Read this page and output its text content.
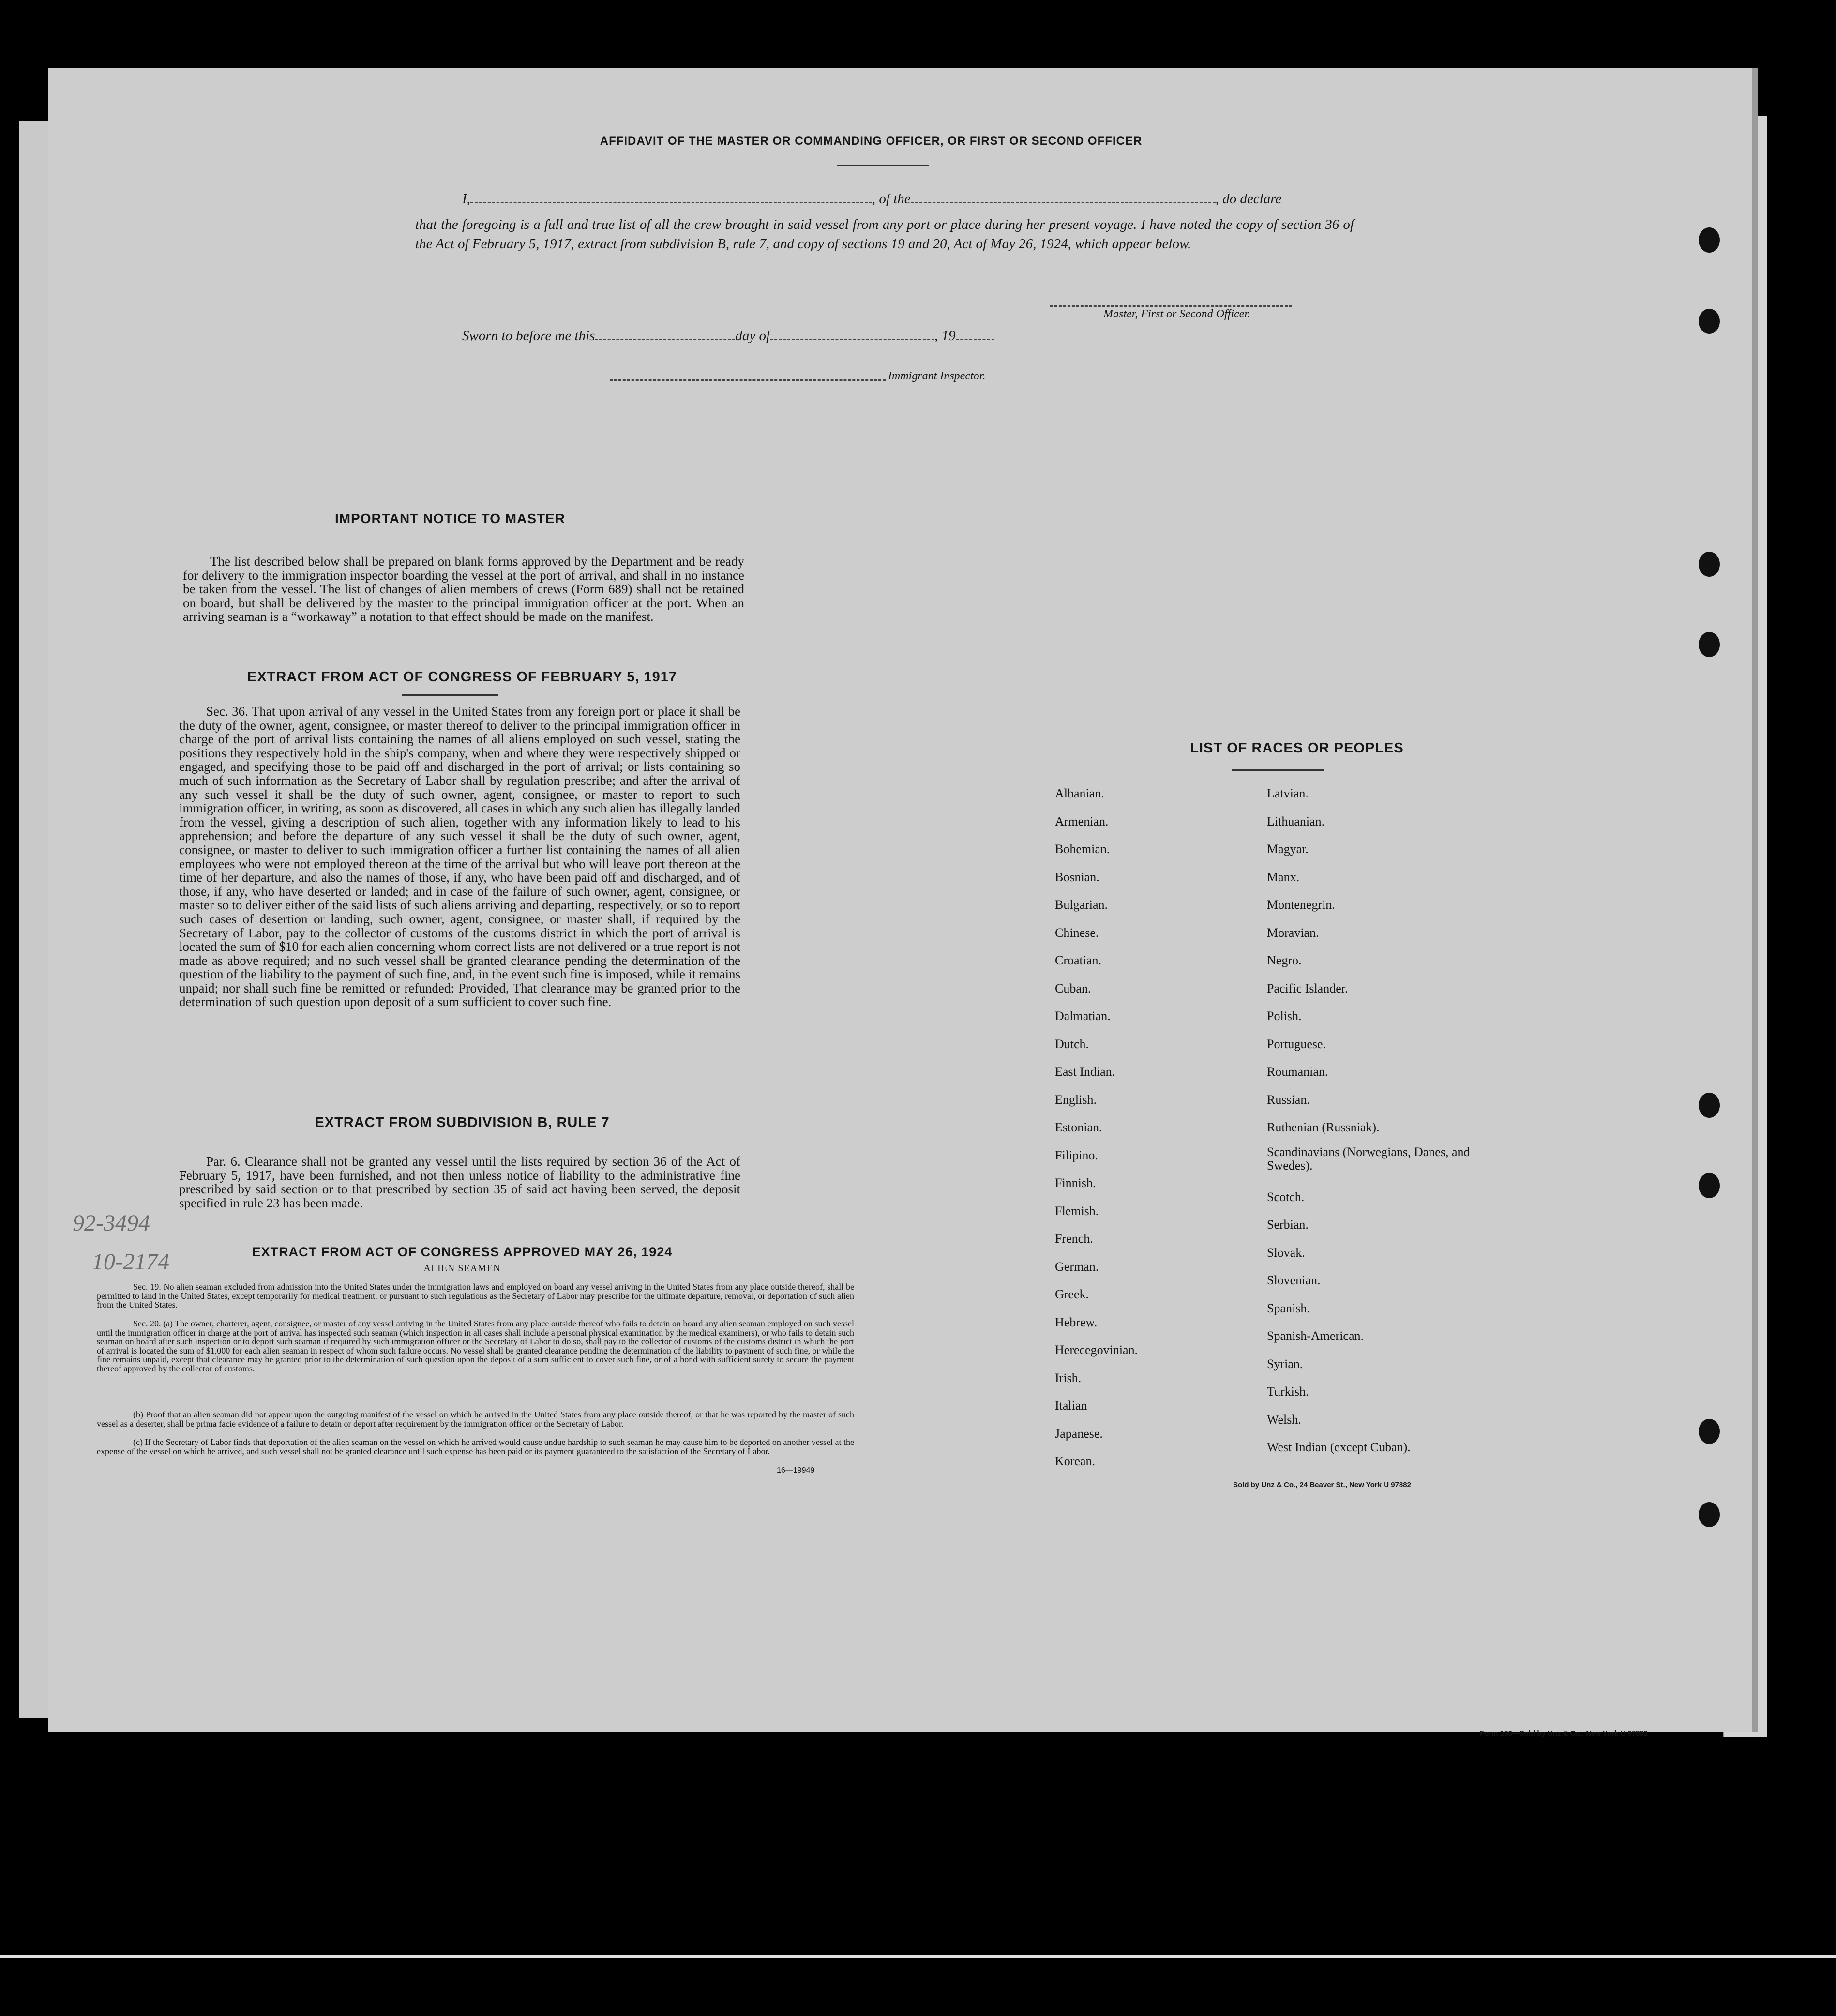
AFFIDAVIT OF THE MASTER OR COMMANDING OFFICER, OR FIRST OR SECOND OFFICER
I,	, of the	, do declare
that the foregoing is a full and true list of all the crew brought in said vessel from any port or place during her present voyage. I have noted the copy of section 36 of the Act of February 5, 1917, extract from subdivision B, rule 7, and copy of sections 19 and 20, Act of May 26, 1924, which appear below.
Master, First or Second Officer.
Sworn to before me this	day of	, 19
Immigrant Inspector.
IMPORTANT NOTICE TO MASTER
The list described below shall be prepared on blank forms approved by the Department and be ready for delivery to the immigration inspector boarding the vessel at the port of arrival, and shall in no instance be taken from the vessel. The list of changes of alien members of crews (Form 689) shall not be retained on board, but shall be delivered by the master to the principal immigration officer at the port. When an arriving seaman is a “workaway” a notation to that effect should be made on the manifest.
EXTRACT FROM ACT OF CONGRESS OF FEBRUARY 5, 1917
Sec. 36. That upon arrival of any vessel in the United States from any foreign port or place it shall be the duty of the owner, agent, consignee, or master thereof to deliver to the principal immigration officer in charge of the port of arrival lists containing the names of all aliens employed on such vessel, stating the positions they respectively hold in the ship's company, when and where they were respectively shipped or engaged, and specifying those to be paid off and discharged in the port of arrival; or lists containing so much of such information as the Secretary of Labor shall by regulation prescribe; and after the arrival of any such vessel it shall be the duty of such owner, agent, consignee, or master to report to such immigration officer, in writing, as soon as discovered, all cases in which any such alien has illegally landed from the vessel, giving a description of such alien, together with any information likely to lead to his apprehension; and before the departure of any such vessel it shall be the duty of such owner, agent, consignee, or master to deliver to such immigration officer a further list containing the names of all alien employees who were not employed thereon at the time of the arrival but who will leave port thereon at the time of her departure, and also the names of those, if any, who have been paid off and discharged, and of those, if any, who have deserted or landed; and in case of the failure of such owner, agent, consignee, or master so to deliver either of the said lists of such aliens arriving and departing, respectively, or so to report such cases of desertion or landing, such owner, agent, consignee, or master shall, if required by the Secretary of Labor, pay to the collector of customs of the customs district in which the port of arrival is located the sum of $10 for each alien concerning whom correct lists are not delivered or a true report is not made as above required; and no such vessel shall be granted clearance pending the determination of the question of the liability to the payment of such fine, and, in the event such fine is imposed, while it remains unpaid; nor shall such fine be remitted or refunded: Provided, That clearance may be granted prior to the determination of such question upon deposit of a sum sufficient to cover such fine.
EXTRACT FROM SUBDIVISION B, RULE 7
Par. 6. Clearance shall not be granted any vessel until the lists required by section 36 of the Act of February 5, 1917, have been furnished, and not then unless notice of liability to the administrative fine prescribed by said section or to that prescribed by section 35 of said act having been served, the deposit specified in rule 23 has been made.
EXTRACT FROM ACT OF CONGRESS APPROVED MAY 26, 1924
ALIEN SEAMEN
Sec. 19. No alien seaman excluded from admission into the United States under the immigration laws and employed on board any vessel arriving in the United States from any place outside thereof, shall be permitted to land in the United States, except temporarily for medical treatment, or pursuant to such regulations as the Secretary of Labor may prescribe for the ultimate departure, removal, or deportation of such alien from the United States.
Sec. 20. (a) The owner, charterer, agent, consignee, or master of any vessel arriving in the United States from any place outside thereof who fails to detain on board any alien seaman employed on such vessel until the immigration officer in charge at the port of arrival has inspected such seaman (which inspection in all cases shall include a personal physical examination by the medical examiners), or who fails to detain such seaman on board after such inspection or to deport such seaman if required by such immigration officer or the Secretary of Labor to do so, shall pay to the collector of customs of the customs district in which the port of arrival is located the sum of $1,000 for each alien seaman in respect of whom such failure occurs. No vessel shall be granted clearance pending the determination of the liability to payment of such fine, or while the fine remains unpaid, except that clearance may be granted prior to the determination of such question upon the deposit of a sum sufficient to cover such fine, or of a bond with sufficient surety to secure the payment thereof approved by the collector of customs.
(b) Proof that an alien seaman did not appear upon the outgoing manifest of the vessel on which he arrived in the United States from any place outside thereof, or that he was reported by the master of such vessel as a deserter, shall be prima facie evidence of a failure to detain or deport after requirement by the immigration officer or the Secretary of Labor.
(c) If the Secretary of Labor finds that deportation of the alien seaman on the vessel on which he arrived would cause undue hardship to such seaman he may cause him to be deported on another vessel at the expense of the vessel on which he arrived, and such vessel shall not be granted clearance until such expense has been paid or its payment guaranteed to the satisfaction of the Secretary of Labor.
16—19949
LIST OF RACES OR PEOPLES
Albanian.
Armenian.
Bohemian.
Bosnian.
Bulgarian.
Chinese.
Croatian.
Cuban.
Dalmatian.
Dutch.
East Indian.
English.
Estonian.
Filipino.
Finnish.
Flemish.
French.
German.
Greek.
Hebrew.
Herecegovinian.
Irish.
Italian
Japanese.
Korean.
Latvian.
Lithuanian.
Magyar.
Manx.
Montenegrin.
Moravian.
Negro.
Pacific Islander.
Polish.
Portuguese.
Roumanian.
Russian.
Ruthenian (Russniak).
Scandinavians (Norwegians, Danes, and Swedes).
Scotch.
Serbian.
Slovak.
Slovenian.
Spanish.
Spanish-American.
Syrian.
Turkish.
Welsh.
West Indian (except Cuban).
Sold by Unz & Co., 24 Beaver St., New York U 97882
Form 136—Sold by Unz & Co., New York U 97882
92-3494
10-2174
